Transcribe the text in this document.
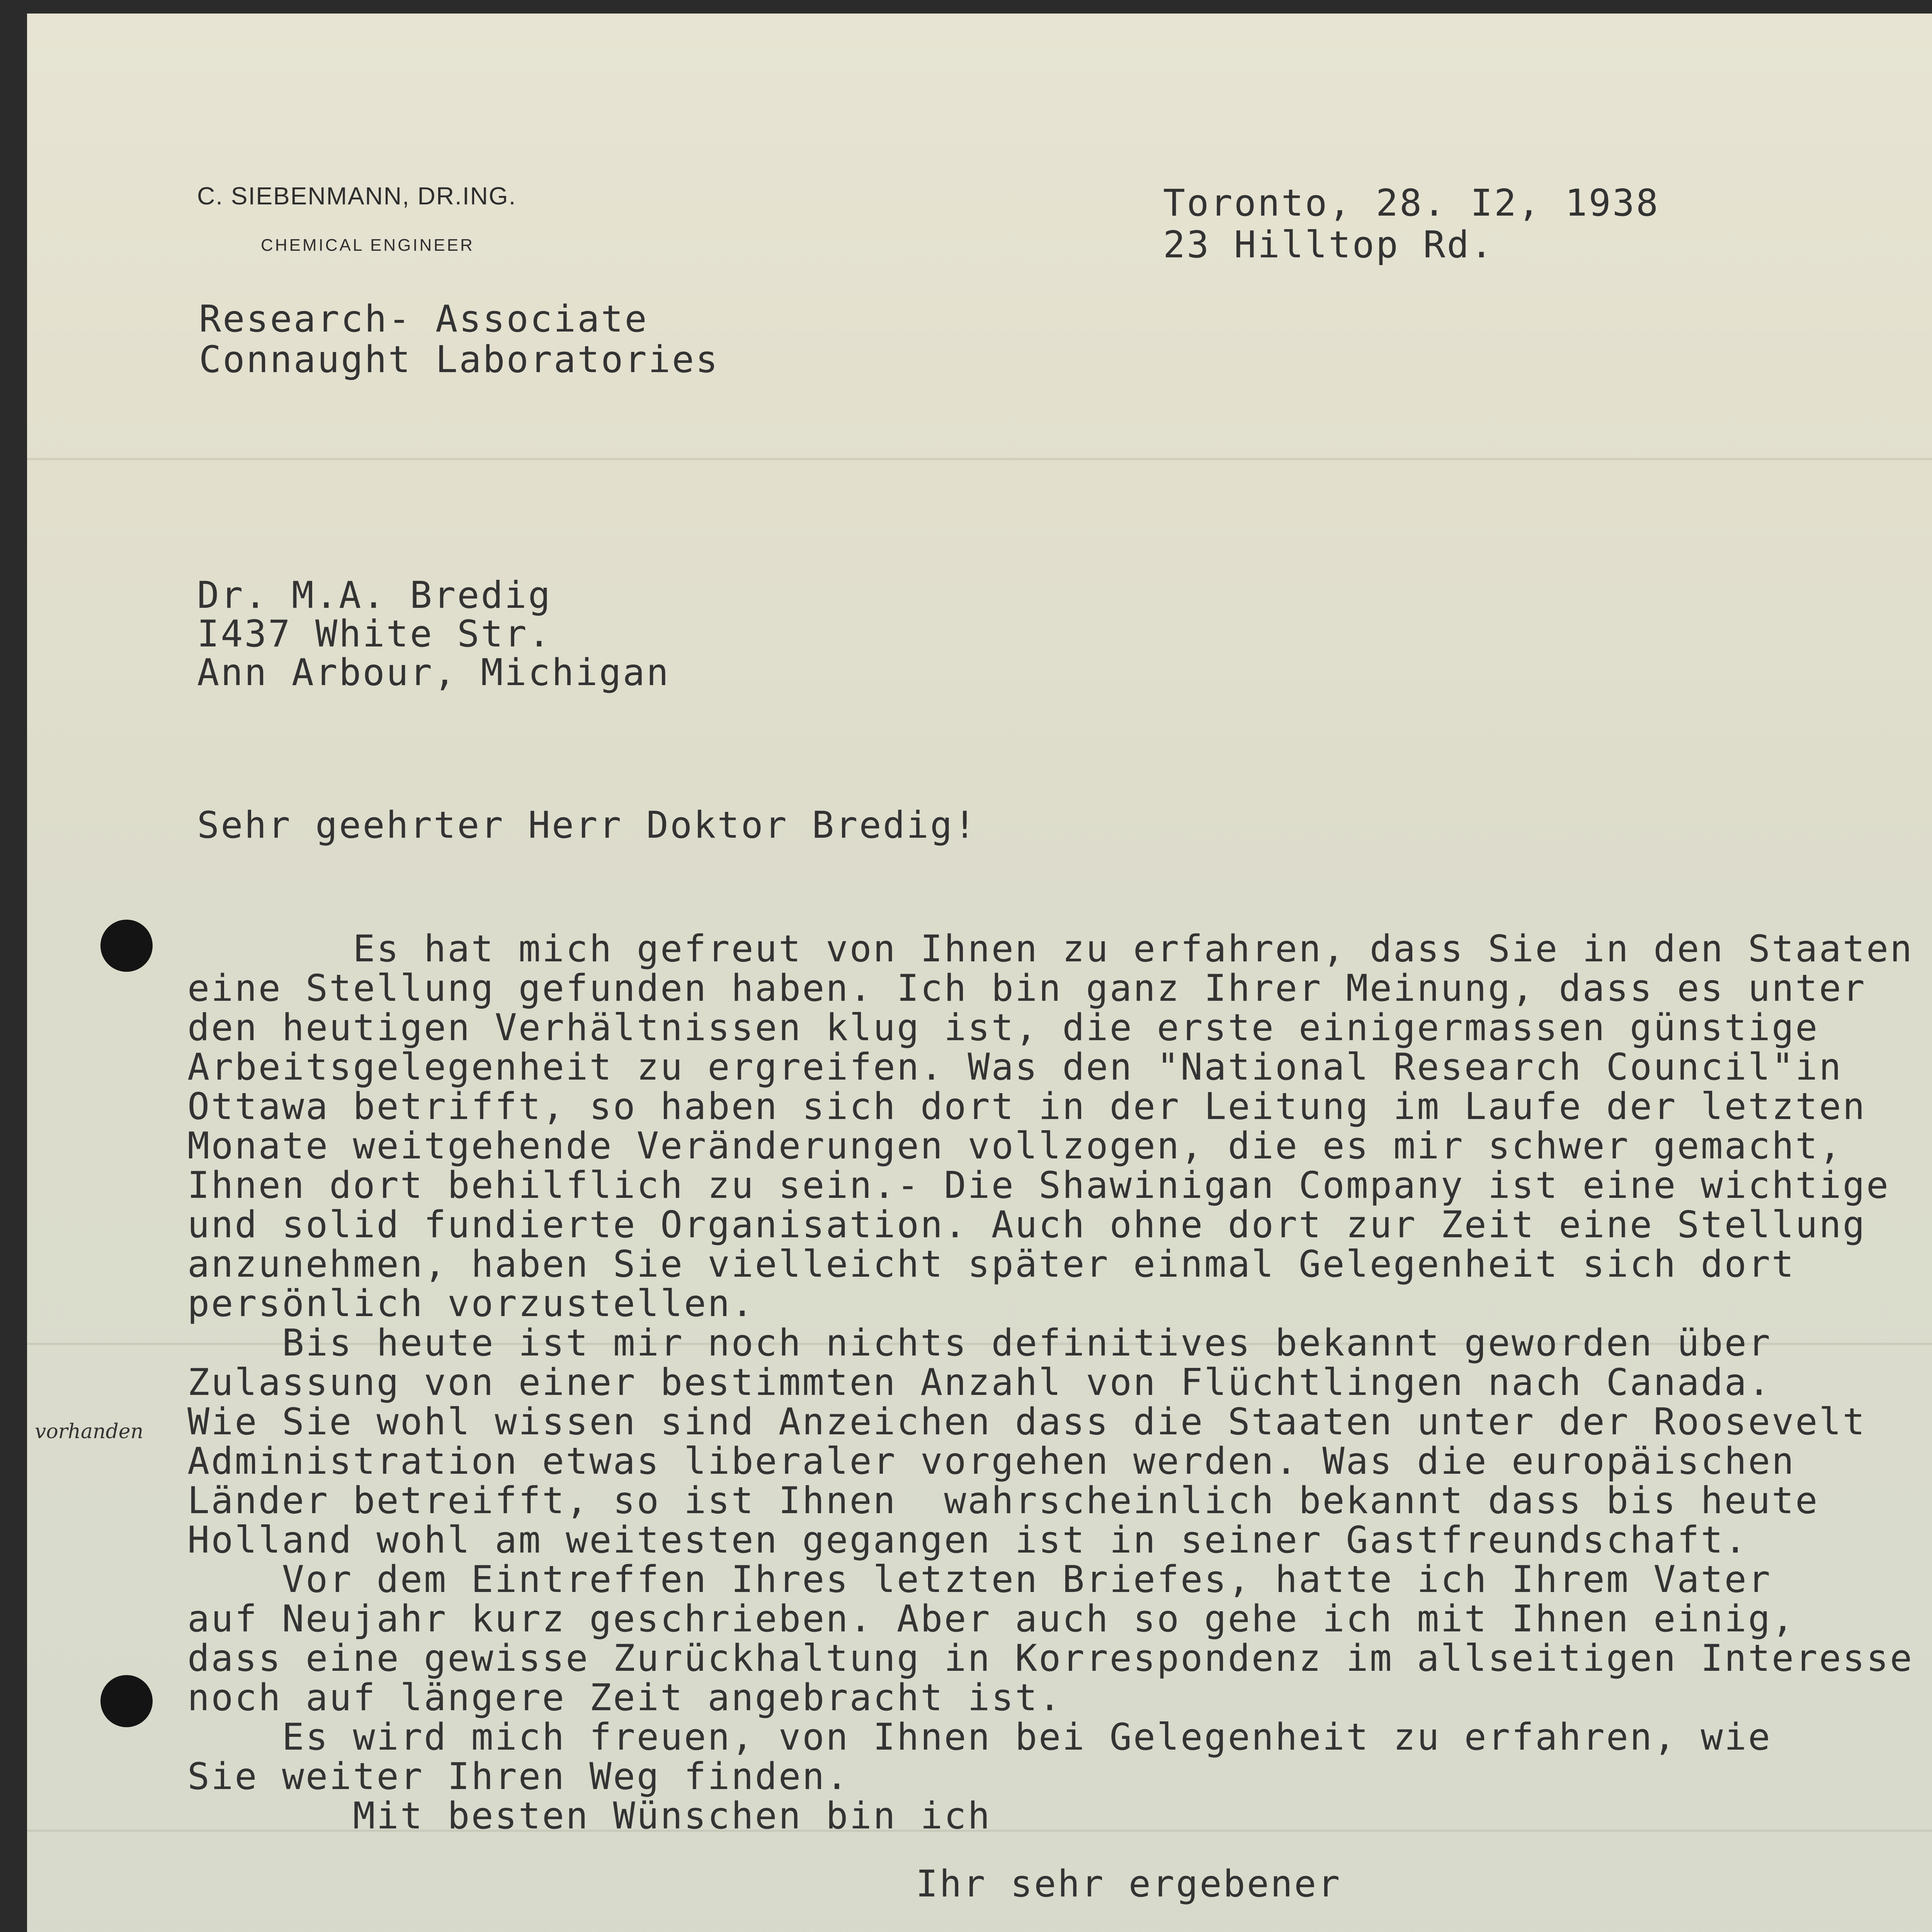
C. SIEBENMANN, DR.ING.
CHEMICAL ENGINEER
Research- Associate
Connaught Laboratories
Toronto, 28. I2, 1938
23 Hilltop Rd.
Dr. M.A. Bredig
I437 White Str.
Ann Arbour, Michigan
Sehr geehrter Herr Doktor Bredig!
Es hat mich gefreut von Ihnen zu erfahren, dass Sie in den Staaten
eine Stellung gefunden haben. Ich bin ganz Ihrer Meinung, dass es unter
den heutigen Verhältnissen klug ist, die erste einigermassen günstige
Arbeitsgelegenheit zu ergreifen. Was den "National Research Council"in
Ottawa betrifft, so haben sich dort in der Leitung im Laufe der letzten
Monate weitgehende Veränderungen vollzogen, die es mir schwer gemacht,
Ihnen dort behilflich zu sein.- Die Shawinigan Company ist eine wichtige
und solid fundierte Organisation. Auch ohne dort zur Zeit eine Stellung
anzunehmen, haben Sie vielleicht später einmal Gelegenheit sich dort
persönlich vorzustellen.
Bis heute ist mir noch nichts definitives bekannt geworden über
Zulassung von einer bestimmten Anzahl von Flüchtlingen nach Canada.
Wie Sie wohl wissen sind Anzeichen dass die Staaten unter der Roosevelt
Administration etwas liberaler vorgehen werden. Was die europäischen
Länder betreifft, so ist Ihnen  wahrscheinlich bekannt dass bis heute
Holland wohl am weitesten gegangen ist in seiner Gastfreundschaft.
Vor dem Eintreffen Ihres letzten Briefes, hatte ich Ihrem Vater
auf Neujahr kurz geschrieben. Aber auch so gehe ich mit Ihnen einig,
dass eine gewisse Zurückhaltung in Korrespondenz im allseitigen Interesse
noch auf längere Zeit angebracht ist.
Es wird mich freuen, von Ihnen bei Gelegenheit zu erfahren, wie
Sie weiter Ihren Weg finden.
Mit besten Wünschen bin ich
vorhanden
Ihr sehr ergebener
